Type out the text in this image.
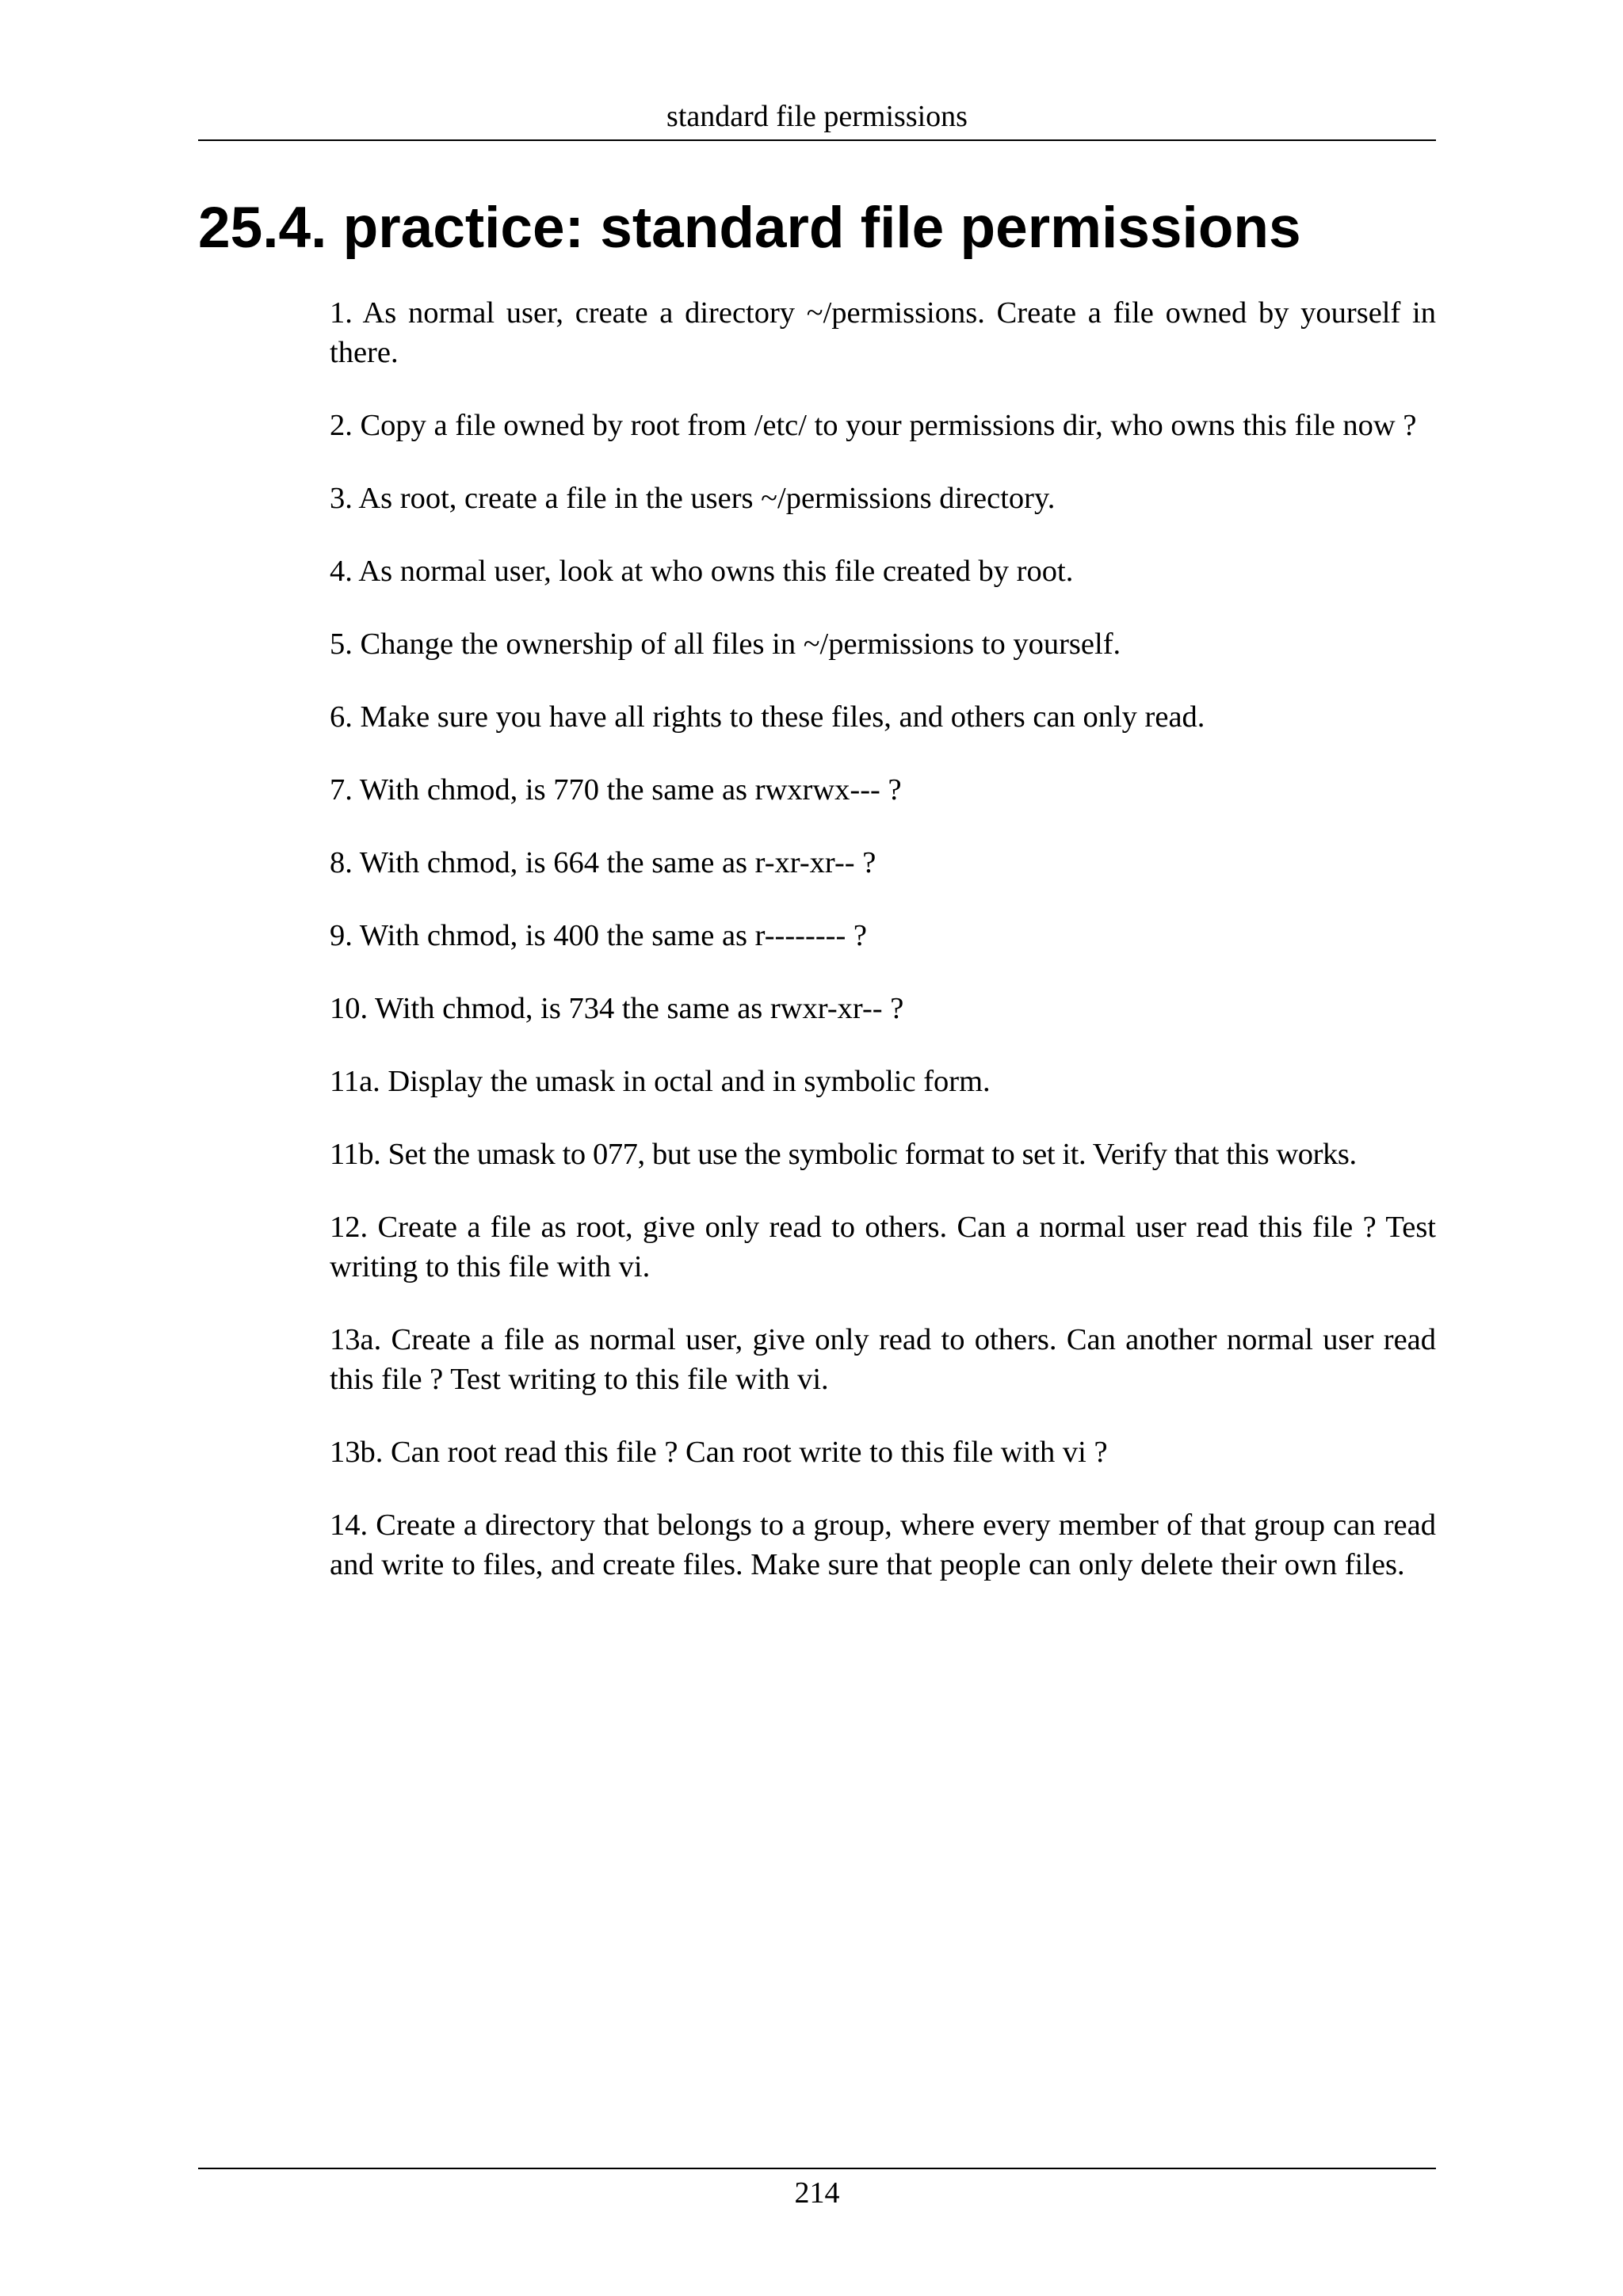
standard file permissions
25.4. practice: standard file permissions
1. As normal user, create a directory ~/permissions. Create a file owned by yourself in there.
2. Copy a file owned by root from /etc/ to your permissions dir, who owns this file now ?
3. As root, create a file in the users ~/permissions directory.
4. As normal user, look at who owns this file created by root.
5. Change the ownership of all files in ~/permissions to yourself.
6. Make sure you have all rights to these files, and others can only read.
7. With chmod, is 770 the same as rwxrwx--- ?
8. With chmod, is 664 the same as r-xr-xr-- ?
9. With chmod, is 400 the same as r-------- ?
10. With chmod, is 734 the same as rwxr-xr-- ?
11a. Display the umask in octal and in symbolic form.
11b. Set the umask to 077, but use the symbolic format to set it. Verify that this works.
12. Create a file as root, give only read to others. Can a normal user read this file ? Test writing to this file with vi.
13a. Create a file as normal user, give only read to others. Can another normal user read this file ? Test writing to this file with vi.
13b. Can root read this file ? Can root write to this file with vi ?
14. Create a directory that belongs to a group, where every member of that group can read and write to files, and create files. Make sure that people can only delete their own files.
214
